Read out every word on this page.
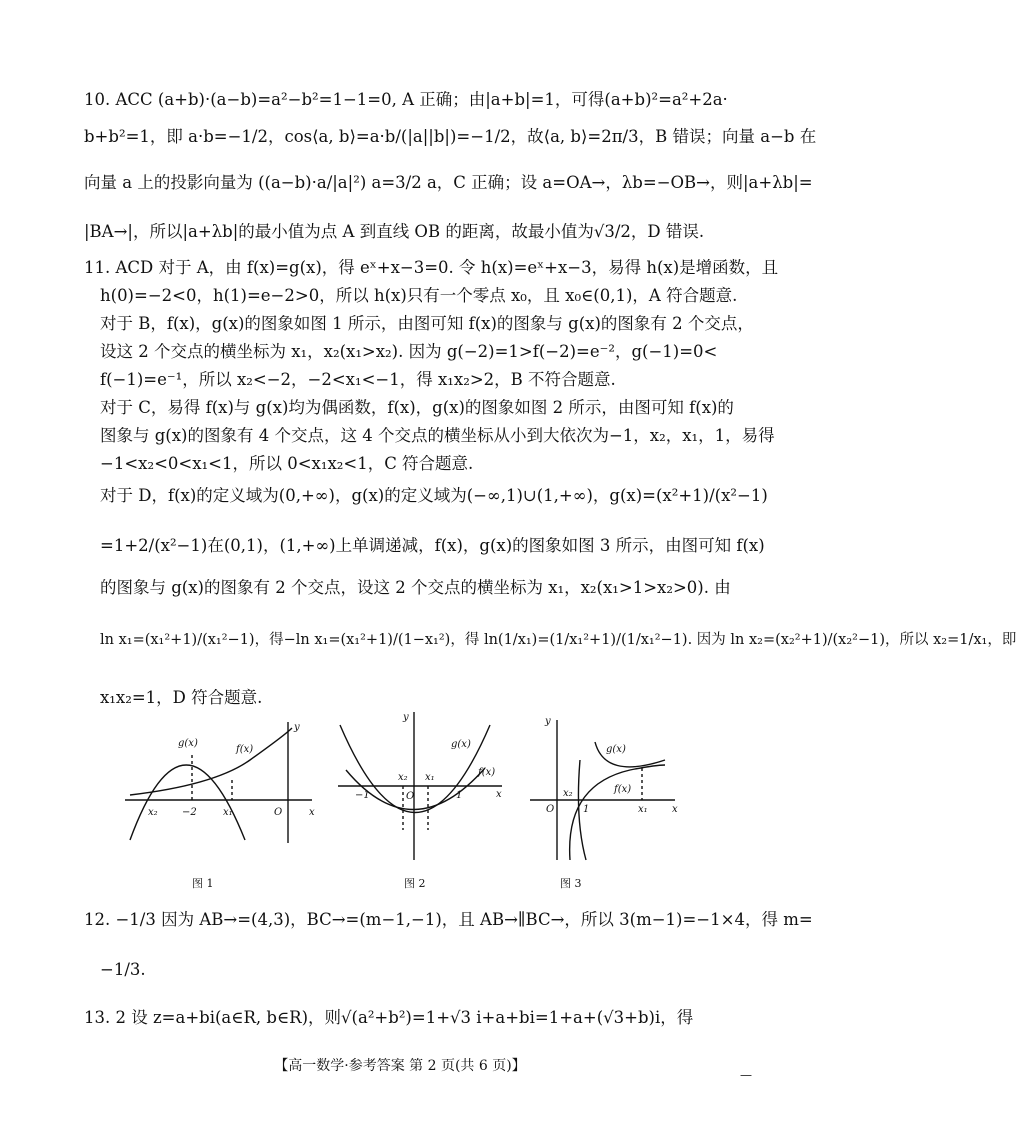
10. ACC (a+b)·(a−b)=a²−b²=1−1=0, A 正确；由|a+b|=1，可得(a+b)²=a²+2a·
b+b²=1，即 a·b=−1/2，cos⟨a, b⟩=a·b/(|a||b|)=−1/2，故⟨a, b⟩=2π/3，B 错误；向量 a−b 在
向量 a 上的投影向量为 ((a−b)·a/|a|²) a=3/2 a，C 正确；设 a=OA→，λb=−OB→，则|a+λb|=
|BA→|，所以|a+λb|的最小值为点 A 到直线 OB 的距离，故最小值为√3/2，D 错误.
11. ACD 对于 A，由 f(x)=g(x)，得 eˣ+x−3=0. 令 h(x)=eˣ+x−3，易得 h(x)是增函数，且
h(0)=−2<0，h(1)=e−2>0，所以 h(x)只有一个零点 x₀，且 x₀∈(0,1)，A 符合题意.
对于 B，f(x)，g(x)的图象如图 1 所示，由图可知 f(x)的图象与 g(x)的图象有 2 个交点，
设这 2 个交点的横坐标为 x₁，x₂(x₁>x₂). 因为 g(−2)=1>f(−2)=e⁻²，g(−1)=0<
f(−1)=e⁻¹，所以 x₂<−2，−2<x₁<−1，得 x₁x₂>2，B 不符合题意.
对于 C，易得 f(x)与 g(x)均为偶函数，f(x)，g(x)的图象如图 2 所示，由图可知 f(x)的
图象与 g(x)的图象有 4 个交点，这 4 个交点的横坐标从小到大依次为−1，x₂，x₁，1，易得
−1<x₂<0<x₁<1，所以 0<x₁x₂<1，C 符合题意.
对于 D，f(x)的定义域为(0,+∞)，g(x)的定义域为(−∞,1)∪(1,+∞)，g(x)=(x²+1)/(x²−1)
=1+2/(x²−1)在(0,1)，(1,+∞)上单调递减，f(x)，g(x)的图象如图 3 所示，由图可知 f(x)
的图象与 g(x)的图象有 2 个交点，设这 2 个交点的横坐标为 x₁，x₂(x₁>1>x₂>0). 由
ln x₁=(x₁²+1)/(x₁²−1)，得−ln x₁=(x₁²+1)/(1−x₁²)，得 ln(1/x₁)=(1/x₁²+1)/(1/x₁²−1). 因为 ln x₂=(x₂²+1)/(x₂²−1)，所以 x₂=1/x₁，即
x₁x₂=1，D 符合题意.
g(x)
f(x)
y
x
O
x₂ −2	x₁
g(x)
f(x)
y
x
O
x₂ x₁
−1	1
g(x)
f(x)
y
x
O
x₂
x₁
1
图 1	图 2	图 3
12. −1/3 因为 AB→=(4,3)，BC→=(m−1,−1)，且 AB→∥BC→，所以 3(m−1)=−1×4，得 m=
−1/3.
13. 2 设 z=a+bi(a∈R, b∈R)，则√(a²+b²)=1+√3 i+a+bi=1+a+(√3+b)i，得
【高一数学·参考答案 第 2 页(共 6 页)】
—
